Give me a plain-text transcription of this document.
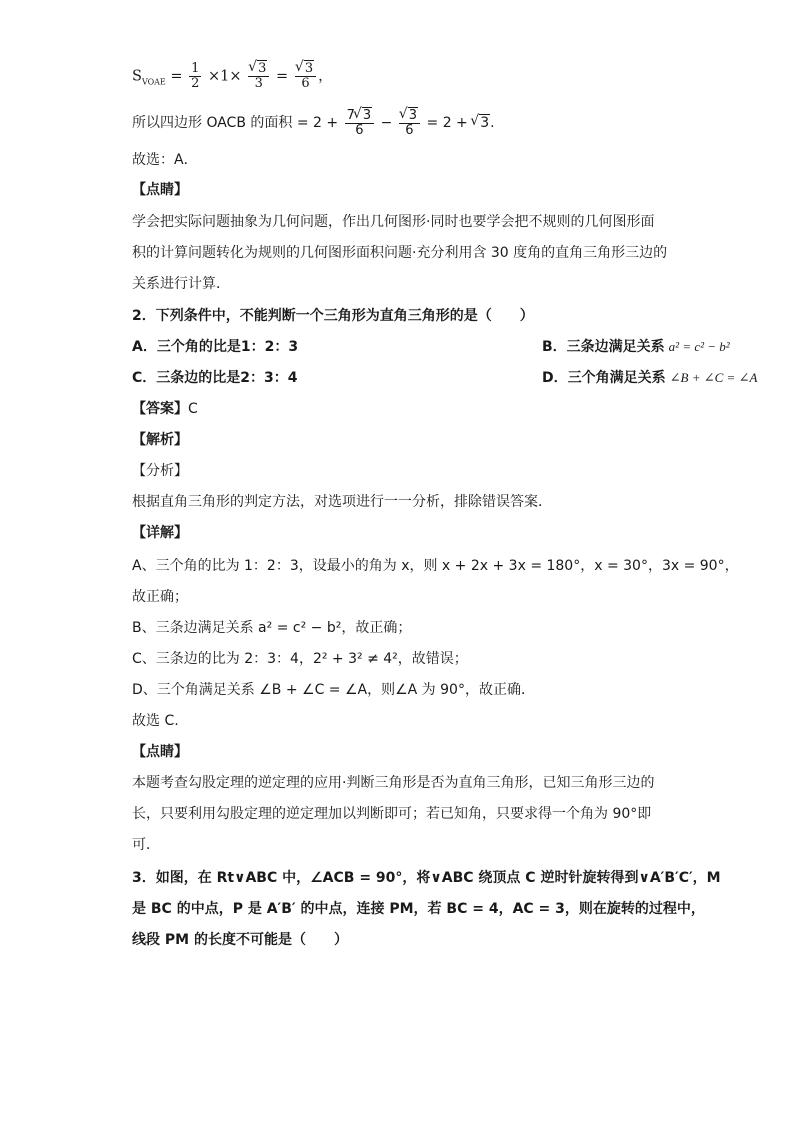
$S_{VOAE} = \frac{1}{2} \times 1\times$ √ $\frac{3}{3}$ = √ $\frac{3}{6}$ ，
所以四边形 OACB 的面积 = $2 + \frac{7 √ 3}{6}$ − √ $\frac{3}{6} = 2$ + √ 3.
故选：A．
【点睛】
学会把实际问题抽象为几何问题，作出几何图形·同时也要学会把不规则的几何图形面
积的计算问题转化为规则的几何图形面积问题·充分利用含 30 度角的直角三角形三边的
关系进行计算．
2．下列条件中，不能判断一个三角形为直角三角形的是（　　）
A．三个角的比是1：2：3	B．三条边满足关系 a² = c² − b²
C．三条边的比是2：3：4	D．三个角满足关系 ∠B + ∠C = ∠A
【答案】C
【解析】
【分析】
根据直角三角形的判定方法，对选项进行一一分析，排除错误答案．
【详解】
A、三个角的比为 1：2：3，设最小的角为 x，则 x + 2x + 3x = 180°，x = 30°，3x = 90°，
故正确；
B、三条边满足关系 a² = c² − b²，故正确；
C、三条边的比为 2：3：4，2² + 3² ≠ 4²，故错误；
D、三个角满足关系 ∠B + ∠C = ∠A，则∠A 为 90°，故正确．
故选 C.
【点睛】
本题考查勾股定理的逆定理的应用·判断三角形是否为直角三角形，已知三角形三边的
长，只要利用勾股定理的逆定理加以判断即可；若已知角，只要求得一个角为 90°即
可．
3．如图，在 Rt∨ABC 中，∠ACB = 90°，将∨ABC 绕顶点 C 逆时针旋转得到∨A′B′C′，M
是 BC 的中点，P 是 A′B′ 的中点，连接 PM，若 BC = 4，AC = 3，则在旋转的过程中，
线段 PM 的长度不可能是（　　）
